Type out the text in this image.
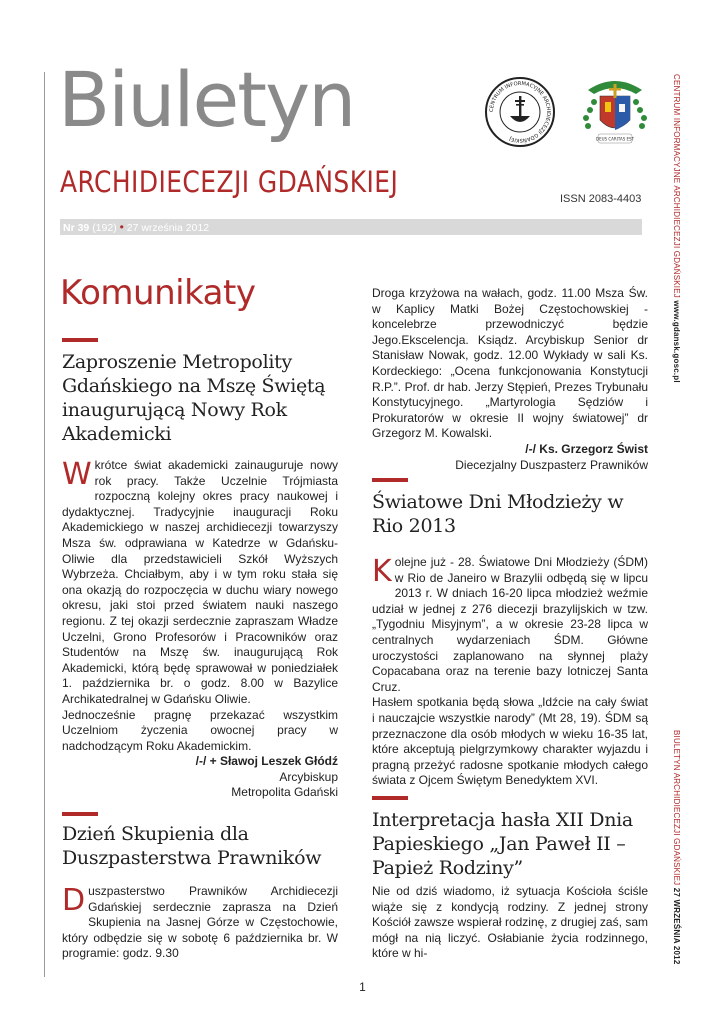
Biuletyn
ARCHIDIECEZJI GDAŃSKIEJ	ISSN 2083-4403
Nr 39 (192) • 27 września 2012
CENTRUM INFORMACYJNE ARCHIDIECEZJI GDAŃSKIEJ	DEUS CARITAS EST	CENTRUM INFORMACYJNE ARCHIDIECEZJI GDAŃSKIEJ www.gdansk.gosc.pl
BIULETYN ARCHIDIECEZJI GDAŃSKIEJ 27 WRZEŚNIA 2012
Komunikaty
Zaproszenie Metropolity Gdańskiego na Mszę Świętą inaugurującą Nowy Rok Akademicki

Wkrótce świat akademicki zainauguruje nowy rok pracy. Także Uczelnie Trójmiasta rozpoczną kolejny okres pracy naukowej i dydaktycznej. Tradycyjnie inauguracji Roku Akademickiego w naszej archidiecezji towarzyszy Msza św. odprawiana w Katedrze w Gdańsku-Oliwie dla przedstawicieli Szkół Wyższych Wybrzeża. Chciałbym, aby i w tym roku stała się ona okazją do rozpoczęcia w duchu wiary nowego okresu, jaki stoi przed światem nauki naszego regionu. Z tej okazji serdecznie zapraszam Władze Uczelni, Grono Profesorów i Pracowników oraz Studentów na Mszę św. inaugurującą Rok Akademicki, którą będę sprawował w poniedziałek 1. października br. o godz. 8.00 w Bazylice Archikatedralnej w Gdańsku Oliwie.

Jednocześnie pragnę przekazać wszystkim Uczelniom życzenia owocnej pracy w nadchodzącym Roku Akademickim.

/-/ + Sławoj Leszek Głódź

Arcybiskup

Metropolita Gdański

Dzień Skupienia dla Duszpasterstwa Prawników

Duszpasterstwo Prawników Archidiecezji Gdańskiej serdecznie zaprasza na Dzień Skupienia na Jasnej Górze w Częstochowie, który odbędzie się w sobotę 6 października br. W programie: godz. 9.30

Droga krzyżowa na wałach, godz. 11.00 Msza Św. w Kaplicy Matki Bożej Częstochowskiej - koncelebrze przewodniczyć będzie Jego.Ekscelencja. Ksiądz. Arcybiskup Senior dr Stanisław Nowak, godz. 12.00 Wykłady w sali Ks. Kordeckiego: „Ocena funkcjonowania Konstytucji R.P.”. Prof. dr hab. Jerzy Stępień, Prezes Trybunału Konstytucyjnego. „Martyrologia Sędziów i Prokuratorów w okresie II wojny światowej” dr Grzegorz M. Kowalski.

/-/ Ks. Grzegorz Świst

Diecezjalny Duszpasterz Prawników

Światowe Dni Młodzieży w Rio 2013

Kolejne już - 28. Światowe Dni Młodzieży (ŚDM) w Rio de Janeiro w Brazylii odbędą się w lipcu 2013 r. W dniach 16-20 lipca młodzież weźmie udział w jednej z 276 diecezji brazylijskich w tzw. „Tygodniu Misyjnym”, a w okresie 23-28 lipca w centralnych wydarzeniach ŚDM. Główne uroczystości zaplanowano na słynnej plaży Copacabana oraz na terenie bazy lotniczej Santa Cruz.

Hasłem spotkania będą słowa „Idźcie na cały świat i nauczajcie wszystkie narody” (Mt 28, 19). ŚDM są przeznaczone dla osób młodych w wieku 16-35 lat, które akceptują pielgrzymkowy charakter wyjazdu i pragną przeżyć radosne spotkanie młodych całego świata z Ojcem Świętym Benedyktem XVI.

Interpretacja hasła XII Dnia Papieskiego „Jan Paweł II – Papież Rodziny”

Nie od dziś wiadomo, iż sytuacja Kościoła ściśle wiąże się z kondycją rodziny. Z jednej strony Kościół zawsze wspierał rodzinę, z drugiej zaś, sam mógł na nią liczyć. Osłabianie życia rodzinnego, które w hi-

1
